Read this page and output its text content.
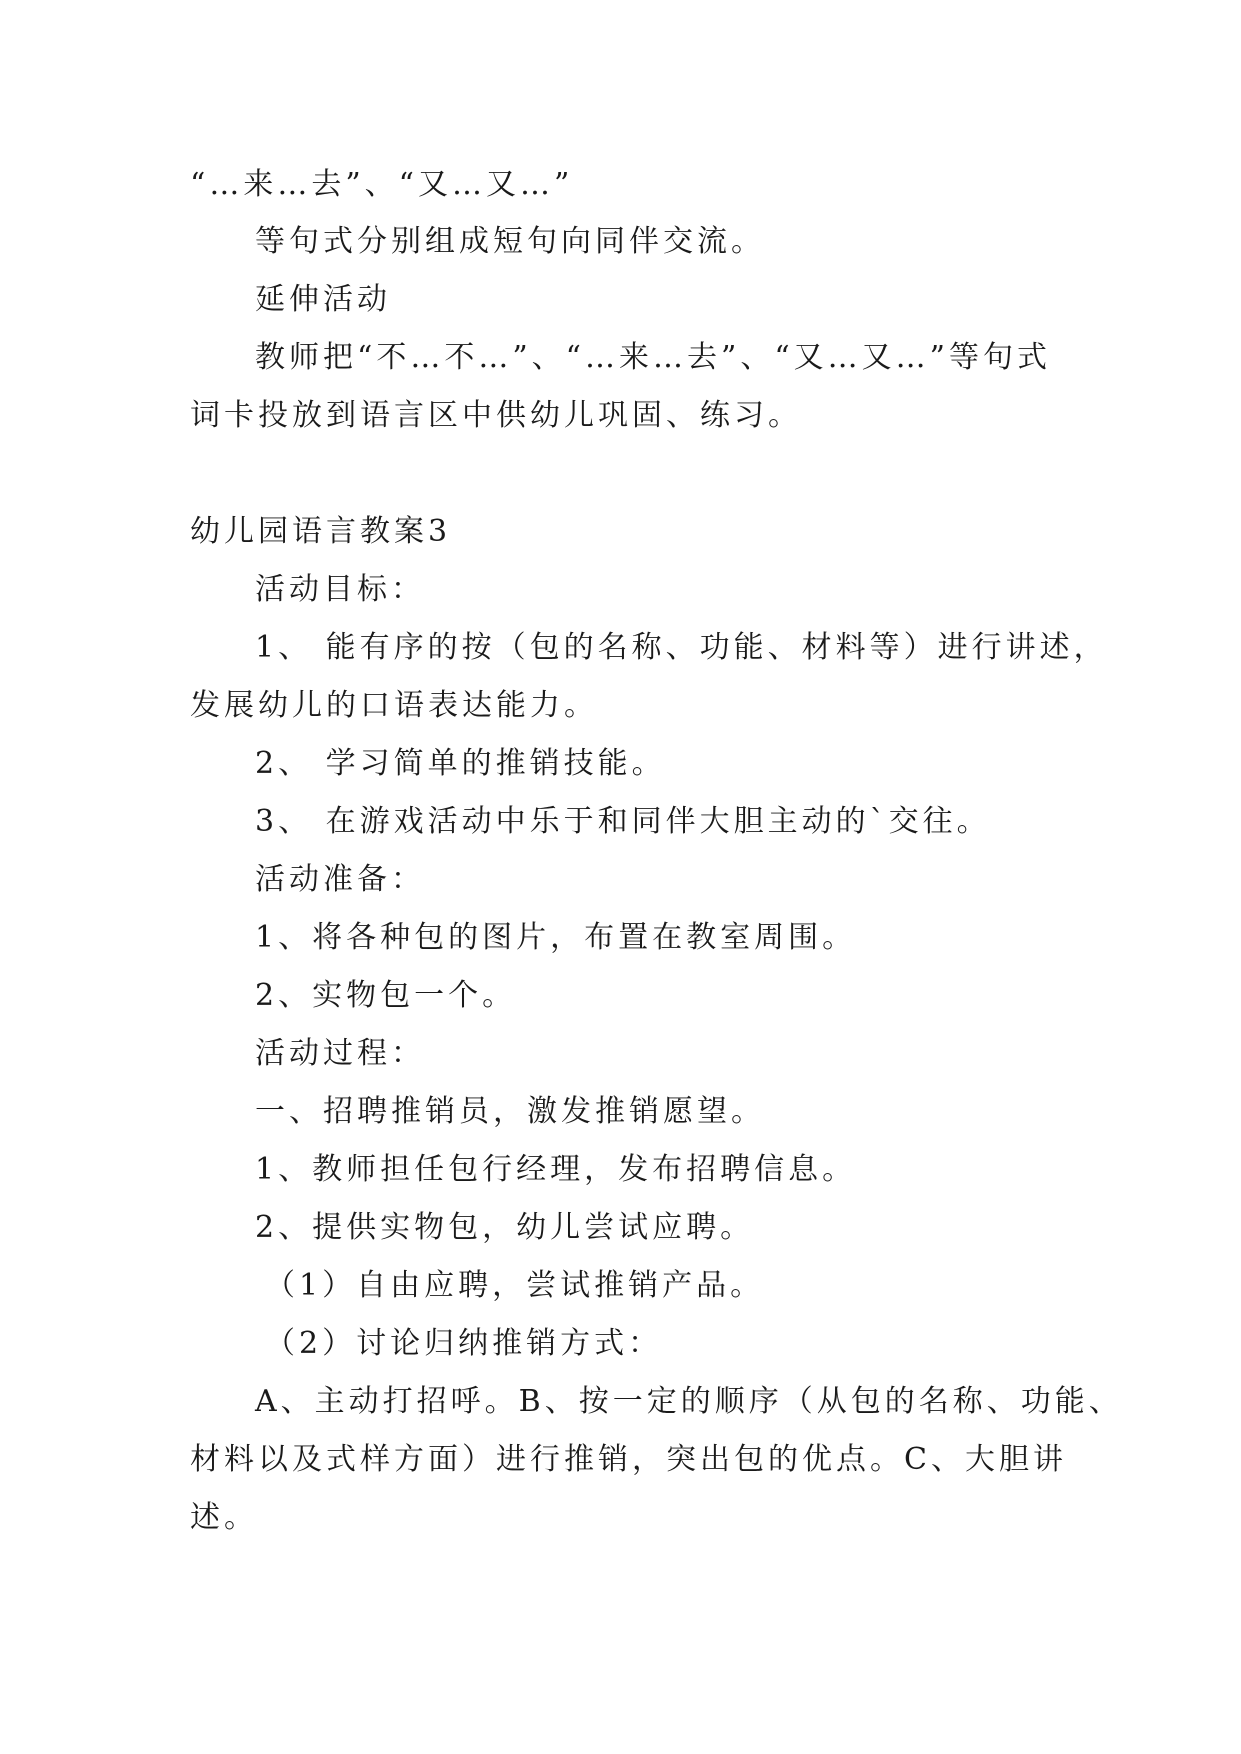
“…来…去”、“又…又…”

等句式分别组成短句向同伴交流。

延伸活动

教师把“不…不…”、“…来…去”、“又…又…”等句式

词卡投放到语言区中供幼儿巩固、练习。

幼儿园语言教案3

活动目标：

1、 能有序的按（包的名称、功能、材料等）进行讲述，

发展幼儿的口语表达能力。

2、 学习简单的推销技能。

3、 在游戏活动中乐于和同伴大胆主动的`交往。

活动准备：

1、将各种包的图片，布置在教室周围。

2、实物包一个。

活动过程：

一、招聘推销员，激发推销愿望。

1、教师担任包行经理，发布招聘信息。

2、提供实物包，幼儿尝试应聘。

（1）自由应聘，尝试推销产品。

（2）讨论归纳推销方式：

A、主动打招呼。B、按一定的顺序（从包的名称、功能、

材料以及式样方面）进行推销，突出包的优点。C、大胆讲

述。
